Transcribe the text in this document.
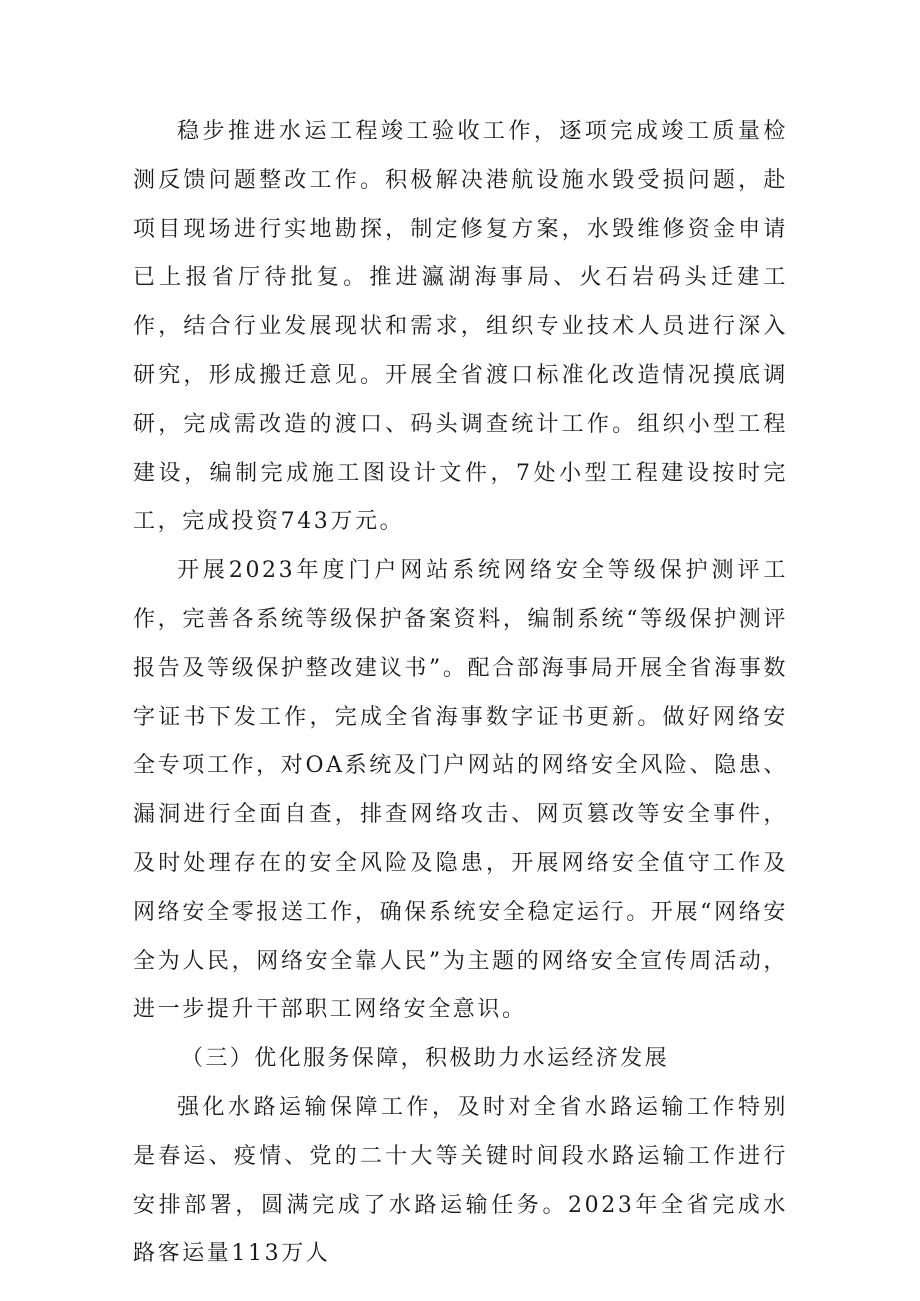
稳步推进水运工程竣工验收工作，逐项完成竣工质量检测反馈问题整改工作。积极解决港航设施水毁受损问题，赴项目现场进行实地勘探，制定修复方案，水毁维修资金申请已上报省厅待批复。推进瀛湖海事局、火石岩码头迁建工作，结合行业发展现状和需求，组织专业技术人员进行深入研究，形成搬迁意见。开展全省渡口标准化改造情况摸底调研，完成需改造的渡口、码头调查统计工作。组织小型工程建设，编制完成施工图设计文件，7处小型工程建设按时完工，完成投资743万元。

开展2023年度门户网站系统网络安全等级保护测评工作，完善各系统等级保护备案资料，编制系统“等级保护测评报告及等级保护整改建议书”。配合部海事局开展全省海事数字证书下发工作，完成全省海事数字证书更新。做好网络安全专项工作，对OA系统及门户网站的网络安全风险、隐患、漏洞进行全面自查，排查网络攻击、网页篡改等安全事件，及时处理存在的安全风险及隐患，开展网络安全值守工作及网络安全零报送工作，确保系统安全稳定运行。开展“网络安全为人民，网络安全靠人民”为主题的网络安全宣传周活动，进一步提升干部职工网络安全意识。

（三）优化服务保障，积极助力水运经济发展

强化水路运输保障工作，及时对全省水路运输工作特别是春运、疫情、党的二十大等关键时间段水路运输工作进行安排部署，圆满完成了水路运输任务。2023年全省完成水路客运量113万人
